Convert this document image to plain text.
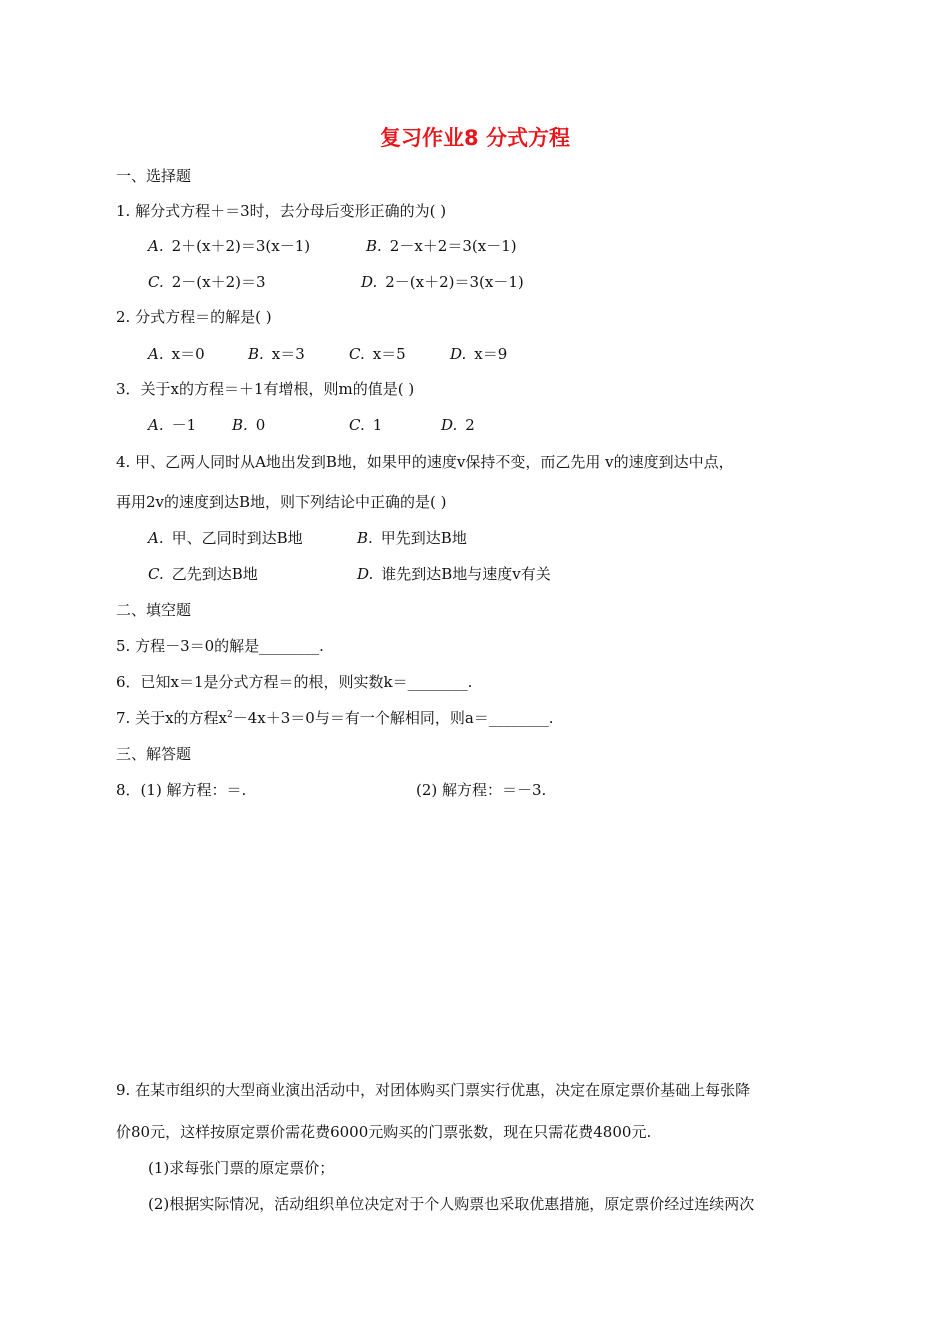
复习作业8 分式方程
一、选择题
1. 解分式方程＋＝3时，去分母后变形正确的为( )
A. 2＋(x＋2)＝3(x－1)	B. 2－x＋2＝3(x－1)
C. 2－(x＋2)＝3	D. 2－(x＋2)＝3(x－1)
2. 分式方程＝的解是( )
A. x＝0	B. x＝3	C. x＝5	D. x＝9
3．关于x的方程＝＋1有增根，则m的值是( )
A. －1 B. 0	C. 1	D. 2
4. 甲、乙两人同时从A地出发到B地，如果甲的速度v保持不变，而乙先用 v的速度到达中点，
再用2v的速度到达B地，则下列结论中正确的是( )
A. 甲、乙同时到达B地	B. 甲先到达B地
C. 乙先到达B地	D. 谁先到达B地与速度v有关
二、填空题
5. 方程－3＝0的解是________.
6．已知x＝1是分式方程＝的根，则实数k＝________.
7. 关于x的方程$x^2-4x+3=0$与＝有一个解相同，则a＝________.
三、解答题
8．(1) 解方程：＝.	(2) 解方程：＝－3.
9. 在某市组织的大型商业演出活动中，对团体购买门票实行优惠，决定在原定票价基础上每张降
价80元，这样按原定票价需花费6000元购买的门票张数，现在只需花费4800元.
(1)求每张门票的原定票价；
(2)根据实际情况，活动组织单位决定对于个人购票也采取优惠措施，原定票价经过连续两次
